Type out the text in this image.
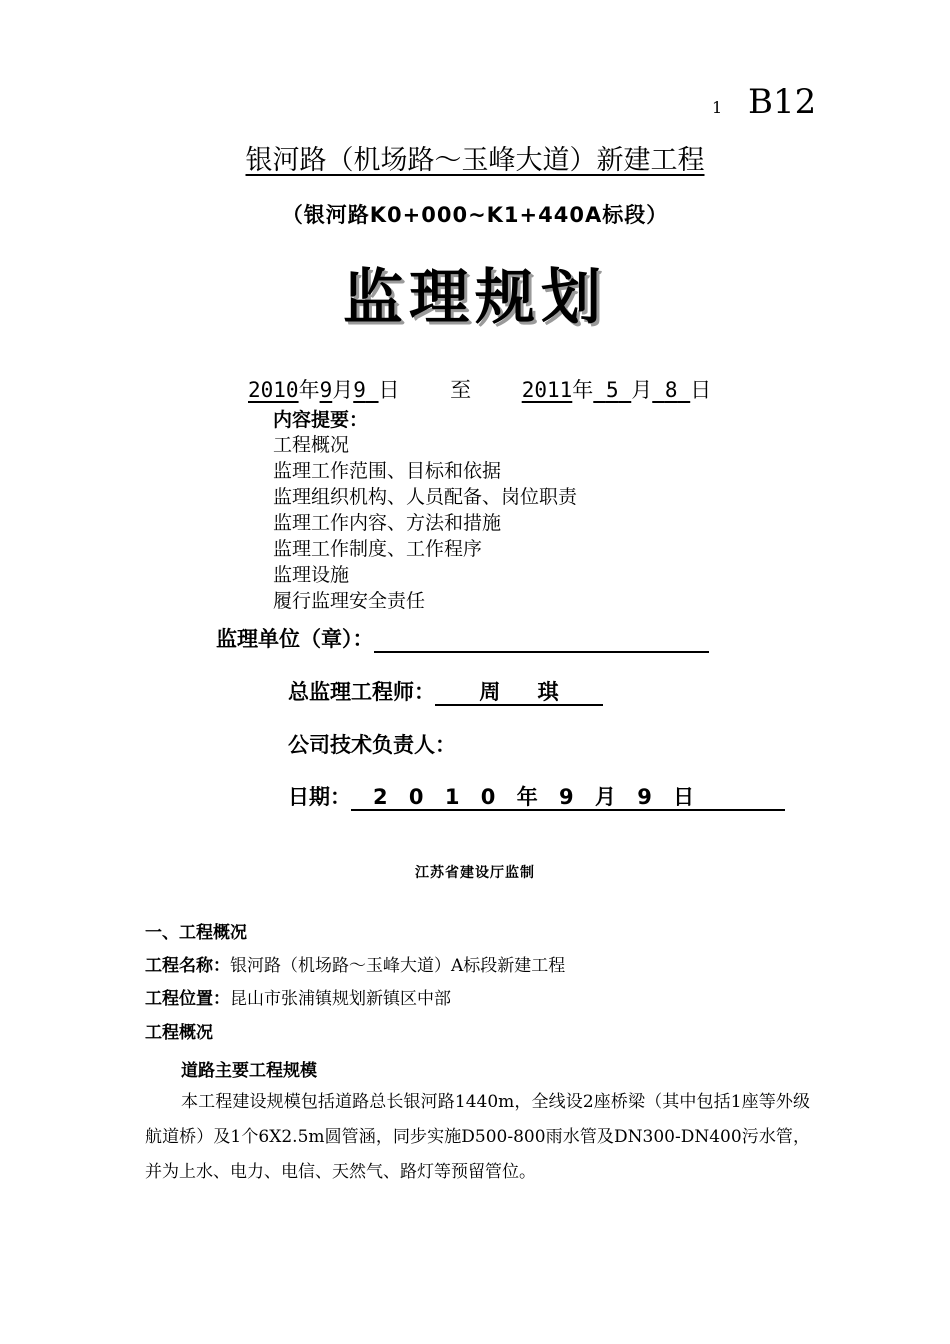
1 B12
银河路（机场路～玉峰大道）新建工程
（银河路K0+000~K1+440A标段）
监理规划
2010年9月9 日 至 2011年 5 月 8 日
内容提要：
工程概况
监理工作范围、目标和依据
监理组织机构、人员配备、岗位职责
监理工作内容、方法和措施
监理工作制度、工作程序
监理设施
履行监理安全责任
监理单位（章）：
总监理工程师： 周 琪
公司技术负责人：
日期： 2 0 1 0 年 9 月 9 日
江苏省建设厅监制
一、工程概况
工程名称：银河路（机场路～玉峰大道）A标段新建工程
工程位置：昆山市张浦镇规划新镇区中部
工程概况
道路主要工程规模
本工程建设规模包括道路总长银河路1440m，全线设2座桥梁（其中包括1座等外级航道桥）及1个6X2.5m圆管涵，同步实施D500-800雨水管及DN300-DN400污水管，并为上水、电力、电信、天然气、路灯等预留管位。
